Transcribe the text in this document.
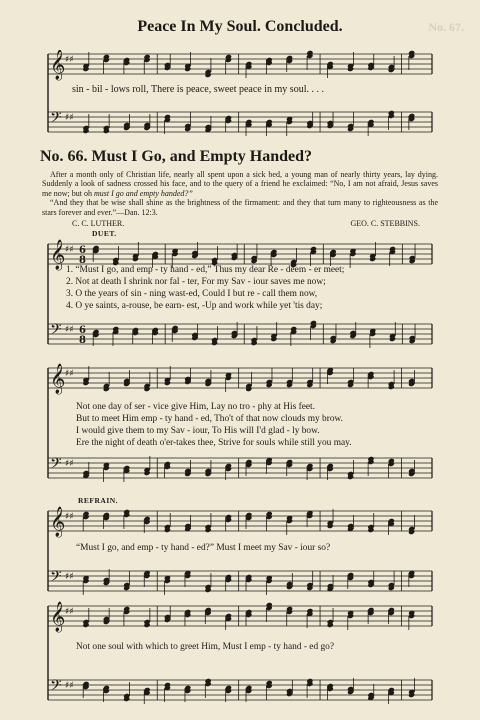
Peace In My Soul. Concluded.	No. 67.
𝄞 ♯♯
𝄢 ♯♯
sin - bil - lows roll, There is peace, sweet peace in my soul. . . .
No. 66. Must I Go, and Empty Handed?

After a month only of Christian life, nearly all spent upon a sick bed, a young man of nearly thirty years, lay dying. Suddenly a look of sadness crossed his face, and to the query of a friend he exclaimed: “No, I am not afraid, Jesus saves me now; but oh must I go and empty handed?”

“And they that be wise shall shine as the brightness of the firmament: and they that turn many to righteousness as the stars forever and ever.”—Dan. 12:3.

C. C. LUTHER.	GEO. C. STEBBINS.
DUET.
𝄞 ♯♯ 6
8
𝄢 ♯♯ 6
8
1. “Must I go, and emp - ty hand - ed,” Thus my dear Re - deem - er meet;
2. Not at death I shrink nor fal - ter, For my Sav - iour saves me now;
3. O the years of sin - ning wast-ed, Could I but re - call them now,
4. O ye saints, a-rouse, be earn- est, -Up and work while yet 'tis day;
𝄞 ♯♯
𝄢 ♯♯
Not one day of ser - vice give Him, Lay no tro - phy at His feet.
But to meet Him emp - ty hand - ed, Tho't of that now clouds my brow.
I would give them to my Sav - iour, To His will I'd glad - ly bow.
Ere the night of death o'er-takes thee, Strive for souls while still you may.
REFRAIN.
𝄞 ♯♯
𝄢 ♯♯
“Must I go, and emp - ty hand - ed?” Must I meet my Sav - iour so?
𝄞 ♯♯
𝄢 ♯♯
Not one soul with which to greet Him, Must I emp - ty hand - ed go?
